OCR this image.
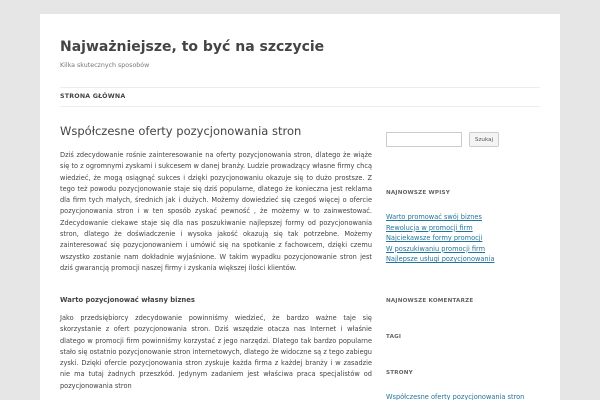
Najważniejsze, to być na szczycie

Kilka skutecznych sposobów

STRONA GŁÓWNA
Współczesne oferty pozycjonowania stron

Dziś zdecydowanie rośnie zainteresowanie na oferty pozycjonowania stron, dlatego że wiąże się to z ogromnymi zyskami i sukcesem w danej branży. Ludzie prowadzący własne firmy chcą wiedzieć, że mogą osiągnąć sukces i dzięki pozycjonowaniu okazuje się to dużo prostsze. Z tego też powodu pozycjonowanie staje się dziś popularne, dlatego że konieczna jest reklama dla firm tych małych, średnich jak i dużych. Możemy dowiedzieć się czegoś więcej o ofercie pozycjonowania stron i w ten sposób zyskać pewność , że możemy w to zainwestować. Zdecydowanie ciekawe staje się dla nas poszukiwanie najlepszej formy od pozycjonowania stron, dlatego że doświadczenie i wysoka jakość okazują się tak potrzebne. Możemy zainteresować się pozycjonowaniem i umówić się na spotkanie z fachowcem, dzięki czemu wszystko zostanie nam dokładnie wyjaśnione. W takim wypadku pozycjonowanie stron jest dziś gwarancją promocji naszej firmy i zyskania większej ilości klientów.

Warto pozycjonować własny biznes

Jako przedsiębiorcy zdecydowanie powinniśmy wiedzieć, że bardzo ważne taje się skorzystanie z ofert pozycjonowania stron. Dziś wszędzie otacza nas Internet i właśnie dlatego w promocji firm powinniśmy korzystać z jego narzędzi. Dlatego tak bardzo popularne stało się ostatnio pozycjonowanie stron internetowych, dlatego że widoczne są z tego zabiegu zyski. Dzięki ofercie pozycjonowania stron zyskuje każda firma z każdej branży i w zasadzie nie ma tutaj żadnych przeszkód. Jedynym zadaniem jest właściwa praca specjalistów od pozycjonowania stron

Szukaj
NAJNOWSZE WPISY
Warto promować swój biznes
Rewolucja w promocji firm
Najciekawsze formy promocji
W poszukiwaniu promocji firm
Najlepsze usługi pozycjonowania
NAJNOWSZE KOMENTARZE
TAGI
STRONY
Współczesne oferty pozycjonowania stron
